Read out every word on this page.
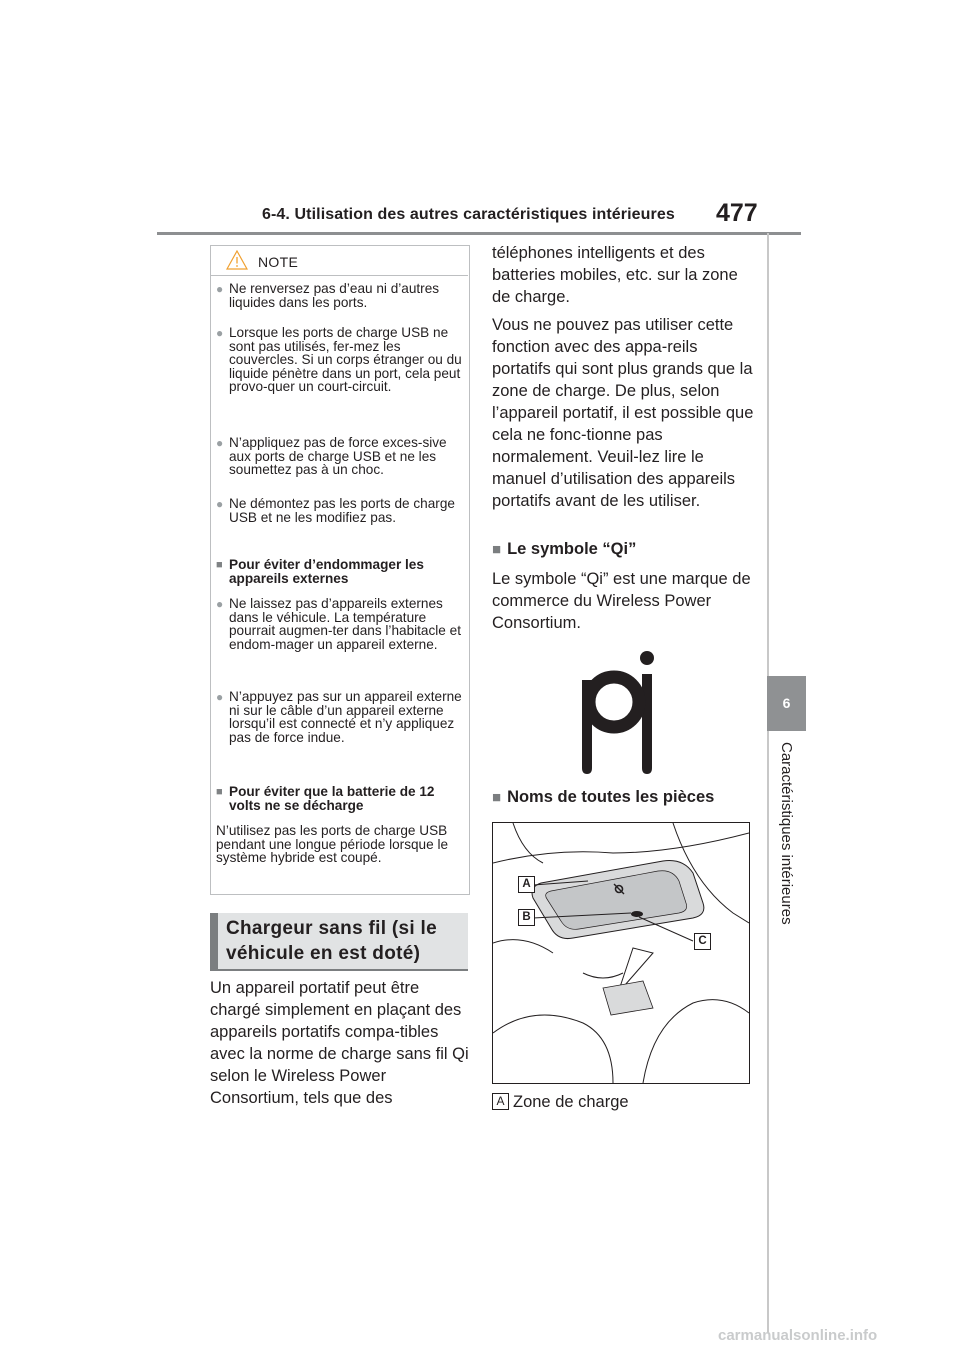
6-4. Utilisation des autres caractéristiques intérieures 477
6
Caractéristiques intérieures
NOTE
● Ne renversez pas d’eau ni d’autres liquides dans les ports.
● Lorsque les ports de charge USB ne sont pas utilisés, fer-mez les couvercles. Si un corps étranger ou du liquide pénètre dans un port, cela peut provo-quer un court-circuit.
● N’appliquez pas de force exces-sive aux ports de charge USB et ne les soumettez pas à un choc.
● Ne démontez pas les ports de charge USB et ne les modifiez pas.
■ Pour éviter d’endommager les appareils externes
● Ne laissez pas d’appareils externes dans le véhicule. La température pourrait augmen-ter dans l’habitacle et endom-mager un appareil externe.
● N’appuyez pas sur un appareil externe ni sur le câble d’un appareil externe lorsqu’il est connecté et n’y appliquez pas de force indue.
■ Pour éviter que la batterie de 12 volts ne se décharge
N’utilisez pas les ports de charge USB pendant une longue période lorsque le système hybride est coupé.
Chargeur sans fil (si le véhicule en est doté)
Un appareil portatif peut être chargé simplement en plaçant des appareils portatifs compa-tibles avec la norme de charge sans fil Qi selon le Wireless Power Consortium, tels que des
téléphones intelligents et des batteries mobiles, etc. sur la zone de charge.
Vous ne pouvez pas utiliser cette fonction avec des appa-reils portatifs qui sont plus grands que la zone de charge. De plus, selon l’appareil portatif, il est possible que cela ne fonc-tionne pas normalement. Veuil-lez lire le manuel d’utilisation des appareils portatifs avant de les utiliser.
■ Le symbole “Qi”
Le symbole “Qi” est une marque de commerce du Wireless Power Consortium.
■ Noms de toutes les pièces
A
B
C
A Zone de charge
carmanualsonline.info
